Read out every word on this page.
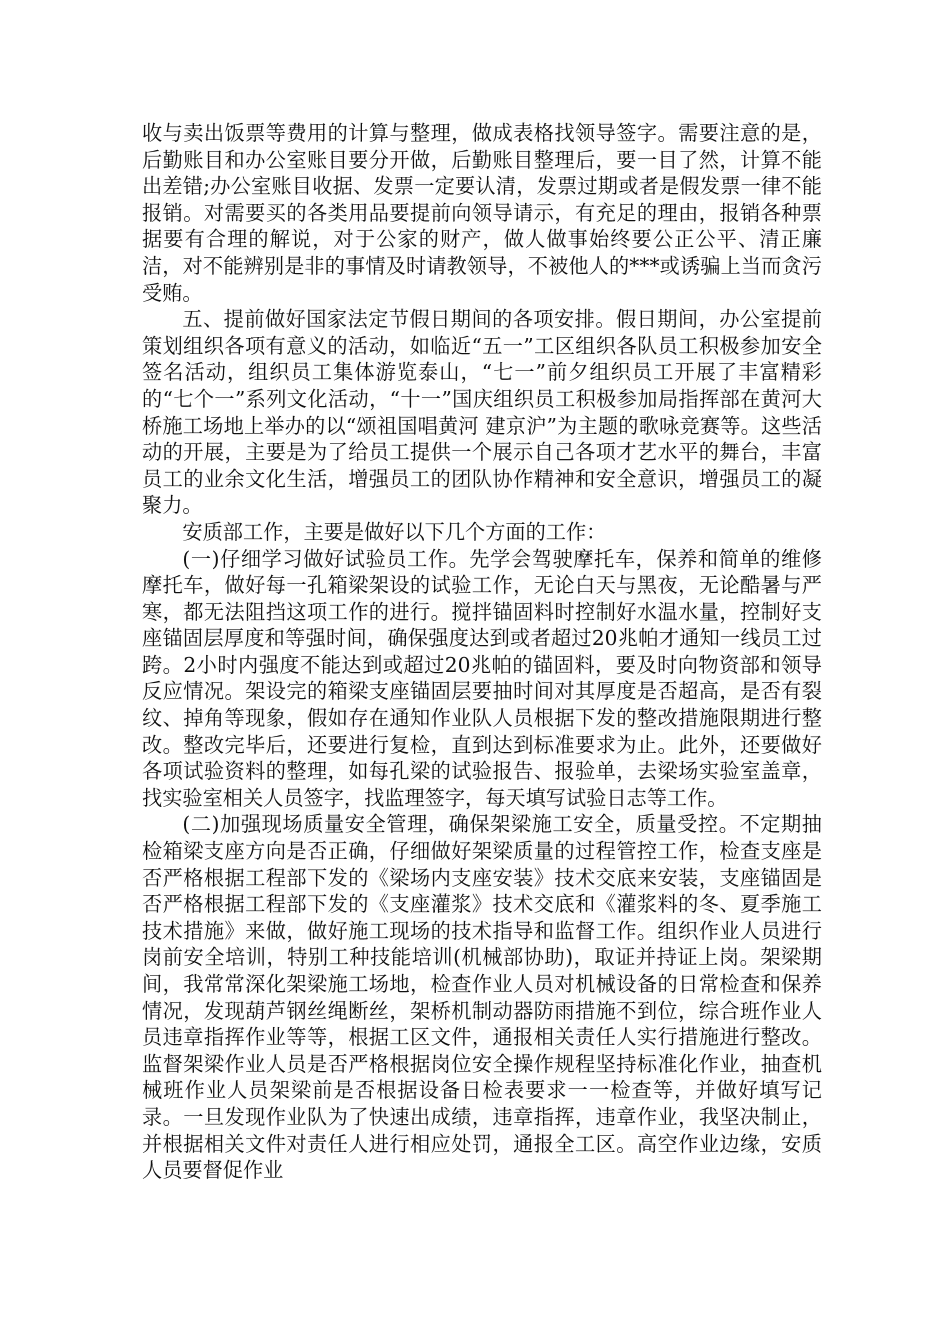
收与卖出饭票等费用的计算与整理，做成表格找领导签字。需要注意的是，后勤账目和办公室账目要分开做，后勤账目整理后，要一目了然，计算不能出差错;办公室账目收据、发票一定要认清，发票过期或者是假发票一律不能报销。对需要买的各类用品要提前向领导请示，有充足的理由，报销各种票据要有合理的解说，对于公家的财产，做人做事始终要公正公平、清正廉洁，对不能辨别是非的事情及时请教领导，不被他人的***或诱骗上当而贪污受贿。

五、提前做好国家法定节假日期间的各项安排。假日期间，办公室提前策划组织各项有意义的活动，如临近“五一”工区组织各队员工积极参加安全签名活动，组织员工集体游览泰山，“七一”前夕组织员工开展了丰富精彩的“七个一”系列文化活动，“十一”国庆组织员工积极参加局指挥部在黄河大桥施工场地上举办的以“颂祖国唱黄河 建京沪”为主题的歌咏竞赛等。这些活动的开展，主要是为了给员工提供一个展示自己各项才艺水平的舞台，丰富员工的业余文化生活，增强员工的团队协作精神和安全意识，增强员工的凝聚力。

安质部工作，主要是做好以下几个方面的工作：

(一)仔细学习做好试验员工作。先学会驾驶摩托车，保养和简单的维修摩托车，做好每一孔箱梁架设的试验工作，无论白天与黑夜，无论酷暑与严寒，都无法阻挡这项工作的进行。搅拌锚固料时控制好水温水量，控制好支座锚固层厚度和等强时间，确保强度达到或者超过20兆帕才通知一线员工过跨。2小时内强度不能达到或超过20兆帕的锚固料，要及时向物资部和领导反应情况。架设完的箱梁支座锚固层要抽时间对其厚度是否超高，是否有裂纹、掉角等现象，假如存在通知作业队人员根据下发的整改措施限期进行整改。整改完毕后，还要进行复检，直到达到标准要求为止。此外，还要做好各项试验资料的整理，如每孔梁的试验报告、报验单，去梁场实验室盖章，找实验室相关人员签字，找监理签字，每天填写试验日志等工作。

(二)加强现场质量安全管理，确保架梁施工安全，质量受控。不定期抽检箱梁支座方向是否正确，仔细做好架梁质量的过程管控工作，检查支座是否严格根据工程部下发的《梁场内支座安装》技术交底来安装，支座锚固是否严格根据工程部下发的《支座灌浆》技术交底和《灌浆料的冬、夏季施工技术措施》来做，做好施工现场的技术指导和监督工作。组织作业人员进行岗前安全培训，特别工种技能培训(机械部协助)，取证并持证上岗。架梁期间，我常常深化架梁施工场地，检查作业人员对机械设备的日常检查和保养情况，发现葫芦钢丝绳断丝，架桥机制动器防雨措施不到位，综合班作业人员违章指挥作业等等，根据工区文件，通报相关责任人实行措施进行整改。监督架梁作业人员是否严格根据岗位安全操作规程坚持标准化作业，抽查机械班作业人员架梁前是否根据设备日检表要求一一检查等，并做好填写记录。一旦发现作业队为了快速出成绩，违章指挥，违章作业，我坚决制止，并根据相关文件对责任人进行相应处罚，通报全工区。高空作业边缘，安质人员要督促作业
